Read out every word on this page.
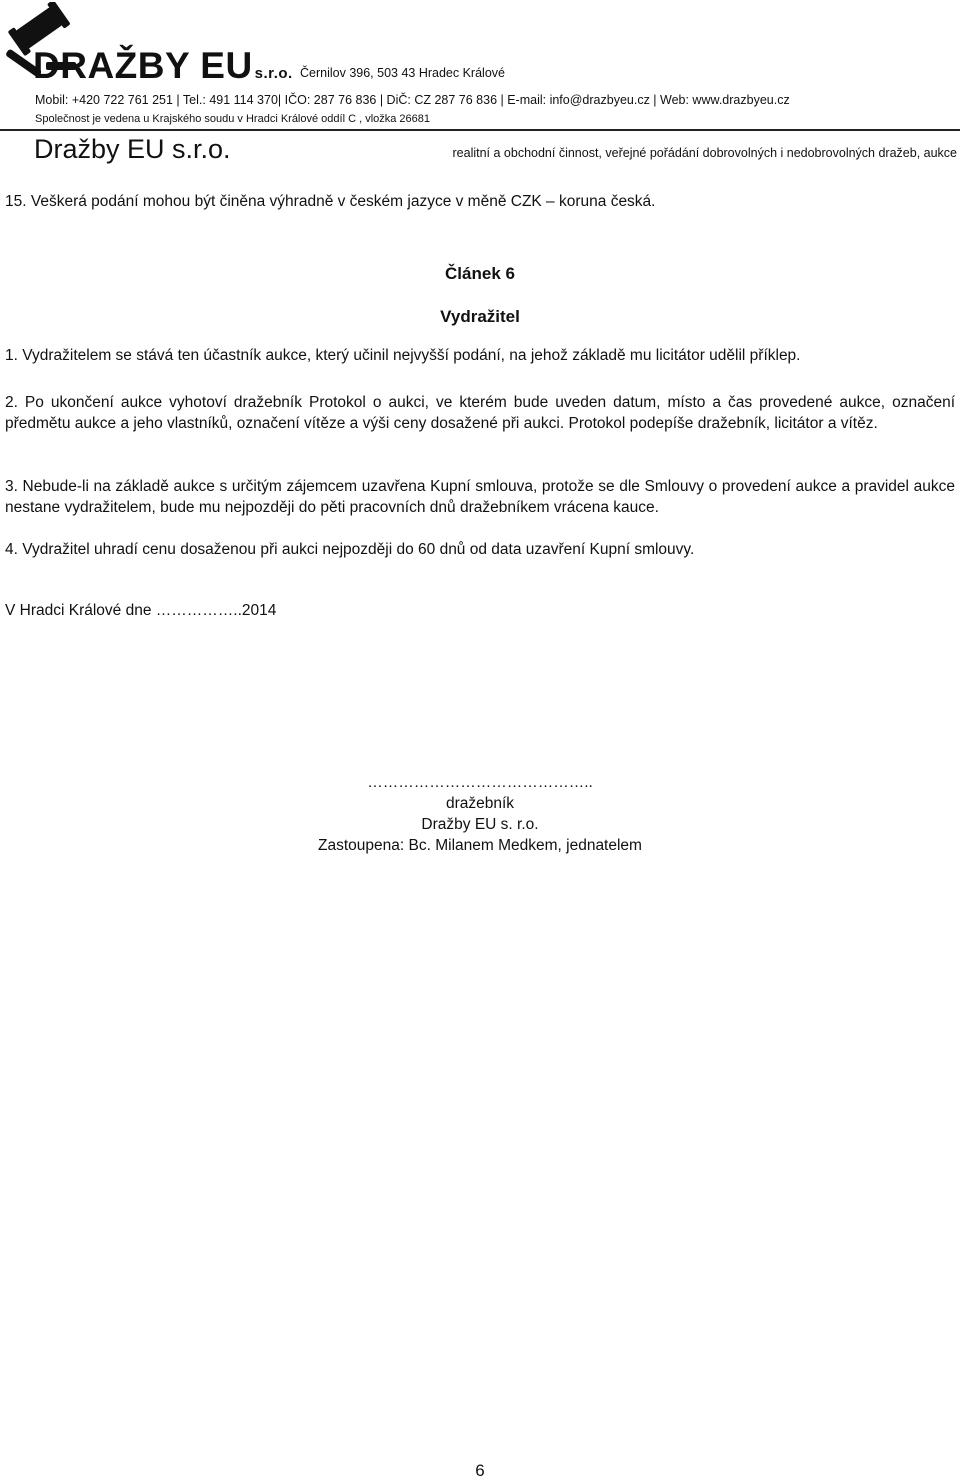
DRAŽBY EU s.r.o. Černilov 396, 503 43 Hradec Králové
Mobil: +420 722 761 251 | Tel.: 491 114 370| IČO: 287 76 836 | DiČ: CZ 287 76 836 | E-mail: info@drazbyeu.cz | Web: www.drazbyeu.cz
Společnost je vedena u Krajského soudu v Hradci Králové oddíl C , vložka 26681
Dražby EU s.r.o.	realitní a obchodní činnost, veřejné pořádání dobrovolných i nedobrovolných dražeb, aukce
15. Veškerá podání mohou být činěna výhradně v českém jazyce v měně CZK – koruna česká.
Článek 6
Vydražitel
1. Vydražitelem se stává ten účastník aukce, který učinil nejvyšší podání, na jehož základě mu licitátor udělil příklep.
2. Po ukončení aukce vyhotoví dražebník Protokol o aukci, ve kterém bude uveden datum, místo a čas provedené aukce, označení předmětu aukce a jeho vlastníků, označení vítěze a výši ceny dosažené při aukci. Protokol podepíše dražebník, licitátor a vítěz.
3. Nebude-li na základě aukce s určitým zájemcem uzavřena Kupní smlouva, protože se dle Smlouvy o provedení aukce a pravidel aukce nestane vydražitelem, bude mu nejpozději do pěti pracovních dnů dražebníkem vrácena kauce.
4. Vydražitel uhradí cenu dosaženou při aukci nejpozději do 60 dnů od data uzavření Kupní smlouvy.
V Hradci Králové dne ……………..2014
……………………………………..
dražebník
Dražby EU s. r.o.
Zastoupena: Bc. Milanem Medkem, jednatelem
6
